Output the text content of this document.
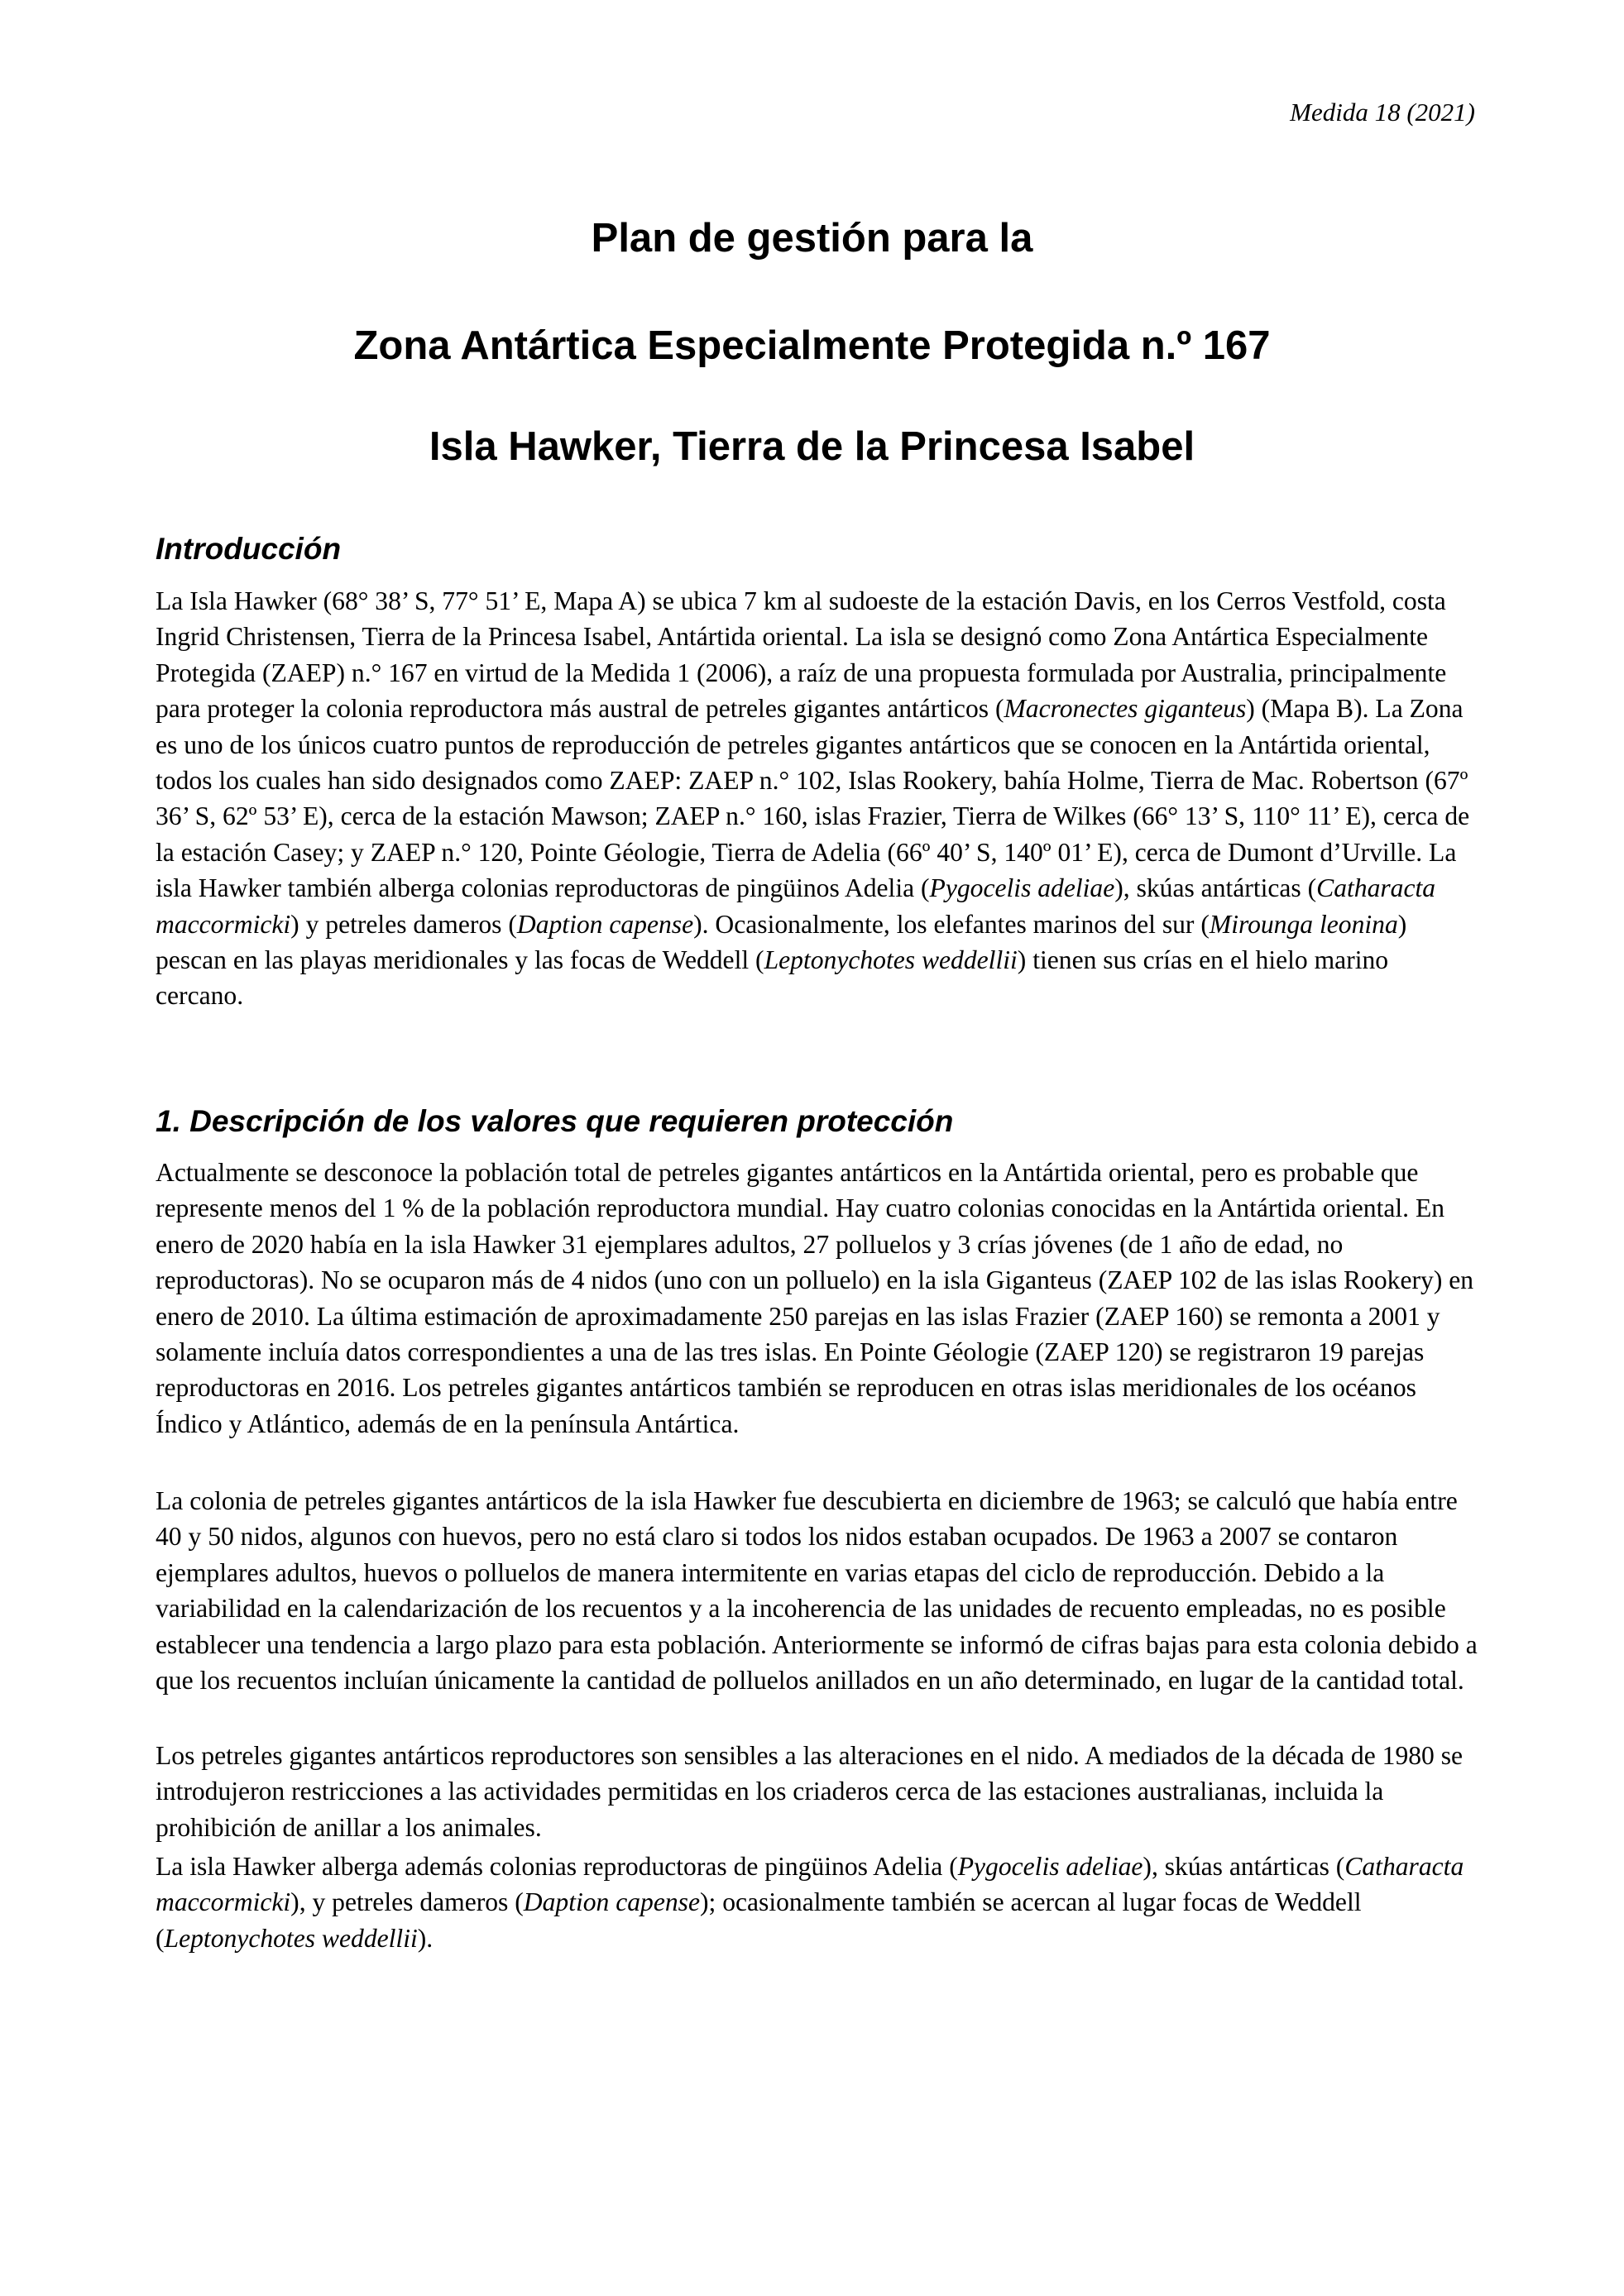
Medida 18 (2021)
Plan de gestión para la
Zona Antártica Especialmente Protegida n.º 167
Isla Hawker, Tierra de la Princesa Isabel
Introducción

La Isla Hawker (68° 38’ S, 77° 51’ E, Mapa A) se ubica 7 km al sudoeste de la estación Davis, en los Cerros Vestfold, costa Ingrid Christensen, Tierra de la Princesa Isabel, Antártida oriental. La isla se designó como Zona Antártica Especialmente Protegida (ZAEP) n.° 167 en virtud de la Medida 1 (2006), a raíz de una propuesta formulada por Australia, principalmente para proteger la colonia reproductora más austral de petreles gigantes antárticos (Macronectes giganteus) (Mapa B). La Zona es uno de los únicos cuatro puntos de reproducción de petreles gigantes antárticos que se conocen en la Antártida oriental, todos los cuales han sido designados como ZAEP: ZAEP n.° 102, Islas Rookery, bahía Holme, Tierra de Mac. Robertson (67º 36’ S, 62º 53’ E), cerca de la estación Mawson; ZAEP n.° 160, islas Frazier, Tierra de Wilkes (66° 13’ S, 110° 11’ E), cerca de la estación Casey; y ZAEP n.° 120, Pointe Géologie, Tierra de Adelia (66º 40’ S, 140º 01’ E), cerca de Dumont d’Urville. La isla Hawker también alberga colonias reproductoras de pingüinos Adelia (Pygocelis adeliae), skúas antárticas (Catharacta maccormicki) y petreles dameros (Daption capense). Ocasionalmente, los elefantes marinos del sur (Mirounga leonina) pescan en las playas meridionales y las focas de Weddell (Leptonychotes weddellii) tienen sus crías en el hielo marino cercano.

1. Descripción de los valores que requieren protección

Actualmente se desconoce la población total de petreles gigantes antárticos en la Antártida oriental, pero es probable que represente menos del 1 % de la población reproductora mundial. Hay cuatro colonias conocidas en la Antártida oriental. En enero de 2020 había en la isla Hawker 31 ejemplares adultos, 27 polluelos y 3 crías jóvenes (de 1 año de edad, no reproductoras). No se ocuparon más de 4 nidos (uno con un polluelo) en la isla Giganteus (ZAEP 102 de las islas Rookery) en enero de 2010. La última estimación de aproximadamente 250 parejas en las islas Frazier (ZAEP 160) se remonta a 2001 y solamente incluía datos correspondientes a una de las tres islas. En Pointe Géologie (ZAEP 120) se registraron 19 parejas reproductoras en 2016. Los petreles gigantes antárticos también se reproducen en otras islas meridionales de los océanos Índico y Atlántico, además de en la península Antártica.

La colonia de petreles gigantes antárticos de la isla Hawker fue descubierta en diciembre de 1963; se calculó que había entre 40 y 50 nidos, algunos con huevos, pero no está claro si todos los nidos estaban ocupados. De 1963 a 2007 se contaron ejemplares adultos, huevos o polluelos de manera intermitente en varias etapas del ciclo de reproducción. Debido a la variabilidad en la calendarización de los recuentos y a la incoherencia de las unidades de recuento empleadas, no es posible establecer una tendencia a largo plazo para esta población. Anteriormente se informó de cifras bajas para esta colonia debido a que los recuentos incluían únicamente la cantidad de polluelos anillados en un año determinado, en lugar de la cantidad total.

Los petreles gigantes antárticos reproductores son sensibles a las alteraciones en el nido. A mediados de la década de 1980 se introdujeron restricciones a las actividades permitidas en los criaderos cerca de las estaciones australianas, incluida la prohibición de anillar a los animales.

La isla Hawker alberga además colonias reproductoras de pingüinos Adelia (Pygocelis adeliae), skúas antárticas (Catharacta maccormicki), y petreles dameros (Daption capense); ocasionalmente también se acercan al lugar focas de Weddell (Leptonychotes weddellii).
